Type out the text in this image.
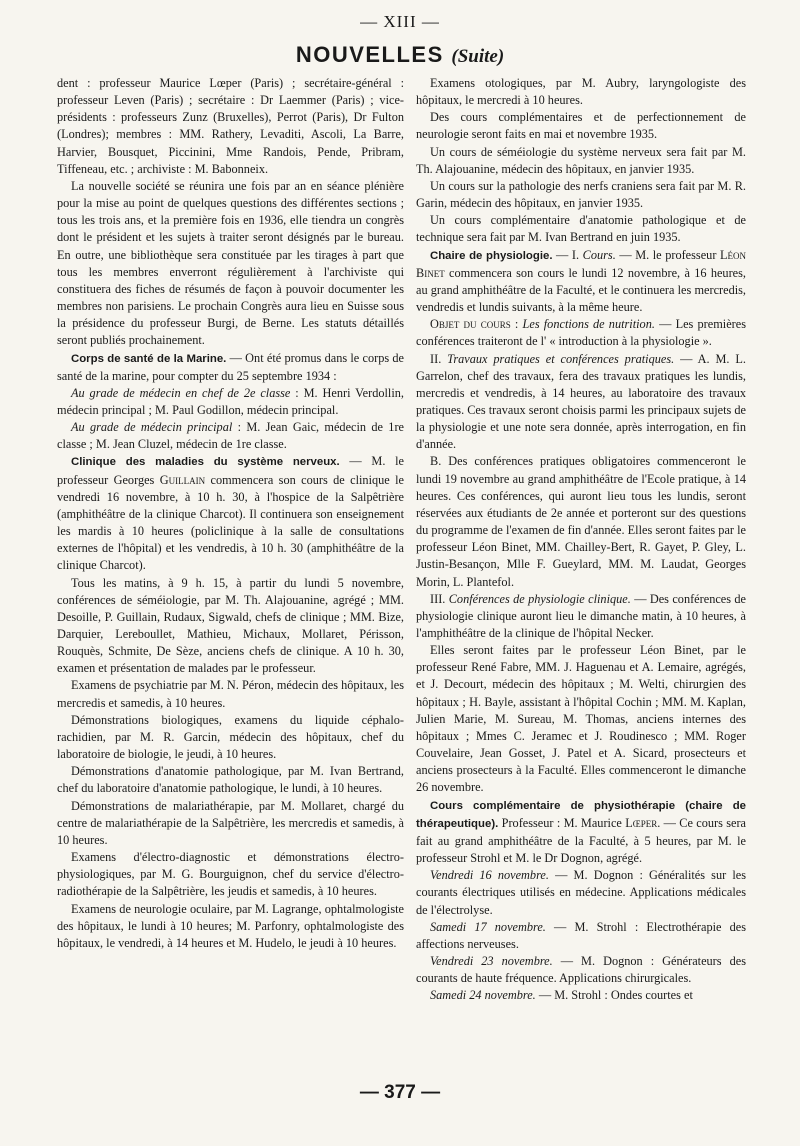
— XIII —
NOUVELLES (Suite)

dent : professeur Maurice Lœper (Paris) ; secrétaire-général : professeur Leven (Paris) ; secrétaire : Dr Laemmer (Paris) ; vice-présidents : professeurs Zunz (Bruxelles), Perrot (Paris), Dr Fulton (Londres); membres : MM. Rathery, Levaditi, Ascoli, La Barre, Harvier, Bousquet, Piccinini, Mme Randois, Pende, Pribram, Tiffeneau, etc. ; archiviste : M. Babonneix.

La nouvelle société se réunira une fois par an en séance plénière pour la mise au point de quelques questions des différentes sections ; tous les trois ans, et la première fois en 1936, elle tiendra un congrès dont le président et les sujets à traiter seront désignés par le bureau. En outre, une bibliothèque sera constituée par les tirages à part que tous les membres enverront régulièrement à l'archiviste qui constituera des fiches de résumés de façon à pouvoir documenter les membres non parisiens. Le prochain Congrès aura lieu en Suisse sous la présidence du professeur Burgi, de Berne. Les statuts détaillés seront publiés prochainement.

Corps de santé de la Marine. — Ont été promus dans le corps de santé de la marine, pour compter du 25 septembre 1934 :

Au grade de médecin en chef de 2e classe : M. Henri Verdollin, médecin principal ; M. Paul Godillon, médecin principal.

Au grade de médecin principal : M. Jean Gaic, médecin de 1re classe ; M. Jean Cluzel, médecin de 1re classe.

Clinique des maladies du système nerveux. — M. le professeur Georges Guillain commencera son cours de clinique le vendredi 16 novembre, à 10 h. 30, à l'hospice de la Salpêtrière (amphithéâtre de la clinique Charcot). Il continuera son enseignement les mardis à 10 heures (policlinique à la salle de consultations externes de l'hôpital) et les vendredis, à 10 h. 30 (amphithéâtre de la clinique Charcot).

Tous les matins, à 9 h. 15, à partir du lundi 5 novembre, conférences de séméiologie, par M. Th. Alajouanine, agrégé ; MM. Desoille, P. Guillain, Rudaux, Sigwald, chefs de clinique ; MM. Bize, Darquier, Lereboullet, Mathieu, Michaux, Mollaret, Périsson, Rouquès, Schmite, De Sèze, anciens chefs de clinique. A 10 h. 30, examen et présentation de malades par le professeur.

Examens de psychiatrie par M. N. Péron, médecin des hôpitaux, les mercredis et samedis, à 10 heures.

Démonstrations biologiques, examens du liquide céphalo-rachidien, par M. R. Garcin, médecin des hôpitaux, chef du laboratoire de biologie, le jeudi, à 10 heures.

Démonstrations d'anatomie pathologique, par M. Ivan Bertrand, chef du laboratoire d'anatomie pathologique, le lundi, à 10 heures.

Démonstrations de malariathérapie, par M. Mollaret, chargé du centre de malariathérapie de la Salpêtrière, les mercredis et samedis, à 10 heures.

Examens d'électro-diagnostic et démonstrations électro-physiologiques, par M. G. Bourguignon, chef du service d'électro-radiothérapie de la Salpêtrière, les jeudis et samedis, à 10 heures.

Examens de neurologie oculaire, par M. Lagrange, ophtalmologiste des hôpitaux, le lundi à 10 heures; M. Parfonry, ophtalmologiste des hôpitaux, le vendredi, à 14 heures et M. Hudelo, le jeudi à 10 heures.

Examens otologiques, par M. Aubry, laryngologiste des hôpitaux, le mercredi à 10 heures.

Des cours complémentaires et de perfectionnement de neurologie seront faits en mai et novembre 1935.

Un cours de séméiologie du système nerveux sera fait par M. Th. Alajouanine, médecin des hôpitaux, en janvier 1935.

Un cours sur la pathologie des nerfs craniens sera fait par M. R. Garin, médecin des hôpitaux, en janvier 1935.

Un cours complémentaire d'anatomie pathologique et de technique sera fait par M. Ivan Bertrand en juin 1935.

Chaire de physiologie. — I. Cours. — M. le professeur Léon Binet commencera son cours le lundi 12 novembre, à 16 heures, au grand amphithéâtre de la Faculté, et le continuera les mercredis, vendredis et lundis suivants, à la même heure.

Objet du cours : Les fonctions de nutrition. — Les premières conférences traiteront de l' « introduction à la physiologie ».

II. Travaux pratiques et conférences pratiques. — A. M. L. Garrelon, chef des travaux, fera des travaux pratiques les lundis, mercredis et vendredis, à 14 heures, au laboratoire des travaux pratiques. Ces travaux seront choisis parmi les principaux sujets de la physiologie et une note sera donnée, après interrogation, en fin d'année.

B. Des conférences pratiques obligatoires commenceront le lundi 19 novembre au grand amphithéâtre de l'Ecole pratique, à 14 heures. Ces conférences, qui auront lieu tous les lundis, seront réservées aux étudiants de 2e année et porteront sur des questions du programme de l'examen de fin d'année. Elles seront faites par le professeur Léon Binet, MM. Chailley-Bert, R. Gayet, P. Gley, L. Justin-Besançon, Mlle F. Gueylard, MM. M. Laudat, Georges Morin, L. Plantefol.

III. Conférences de physiologie clinique. — Des conférences de physiologie clinique auront lieu le dimanche matin, à 10 heures, à l'amphithéâtre de la clinique de l'hôpital Necker.

Elles seront faites par le professeur Léon Binet, par le professeur René Fabre, MM. J. Haguenau et A. Lemaire, agrégés, et J. Decourt, médecin des hôpitaux ; M. Welti, chirurgien des hôpitaux ; H. Bayle, assistant à l'hôpital Cochin ; MM. M. Kaplan, Julien Marie, M. Sureau, M. Thomas, anciens internes des hôpitaux ; Mmes C. Jeramec et J. Roudinesco ; MM. Roger Couvelaire, Jean Gosset, J. Patel et A. Sicard, prosecteurs et anciens prosecteurs à la Faculté. Elles commenceront le dimanche 26 novembre.

Cours complémentaire de physiothérapie (chaire de thérapeutique). Professeur : M. Maurice Lœper. — Ce cours sera fait au grand amphithéâtre de la Faculté, à 5 heures, par M. le professeur Strohl et M. le Dr Dognon, agrégé.

Vendredi 16 novembre. — M. Dognon : Généralités sur les courants électriques utilisés en médecine. Applications médicales de l'électrolyse.

Samedi 17 novembre. — M. Strohl : Electrothérapie des affections nerveuses.

Vendredi 23 novembre. — M. Dognon : Générateurs des courants de haute fréquence. Applications chirurgicales.

Samedi 24 novembre. — M. Strohl : Ondes courtes et

— 377 —
